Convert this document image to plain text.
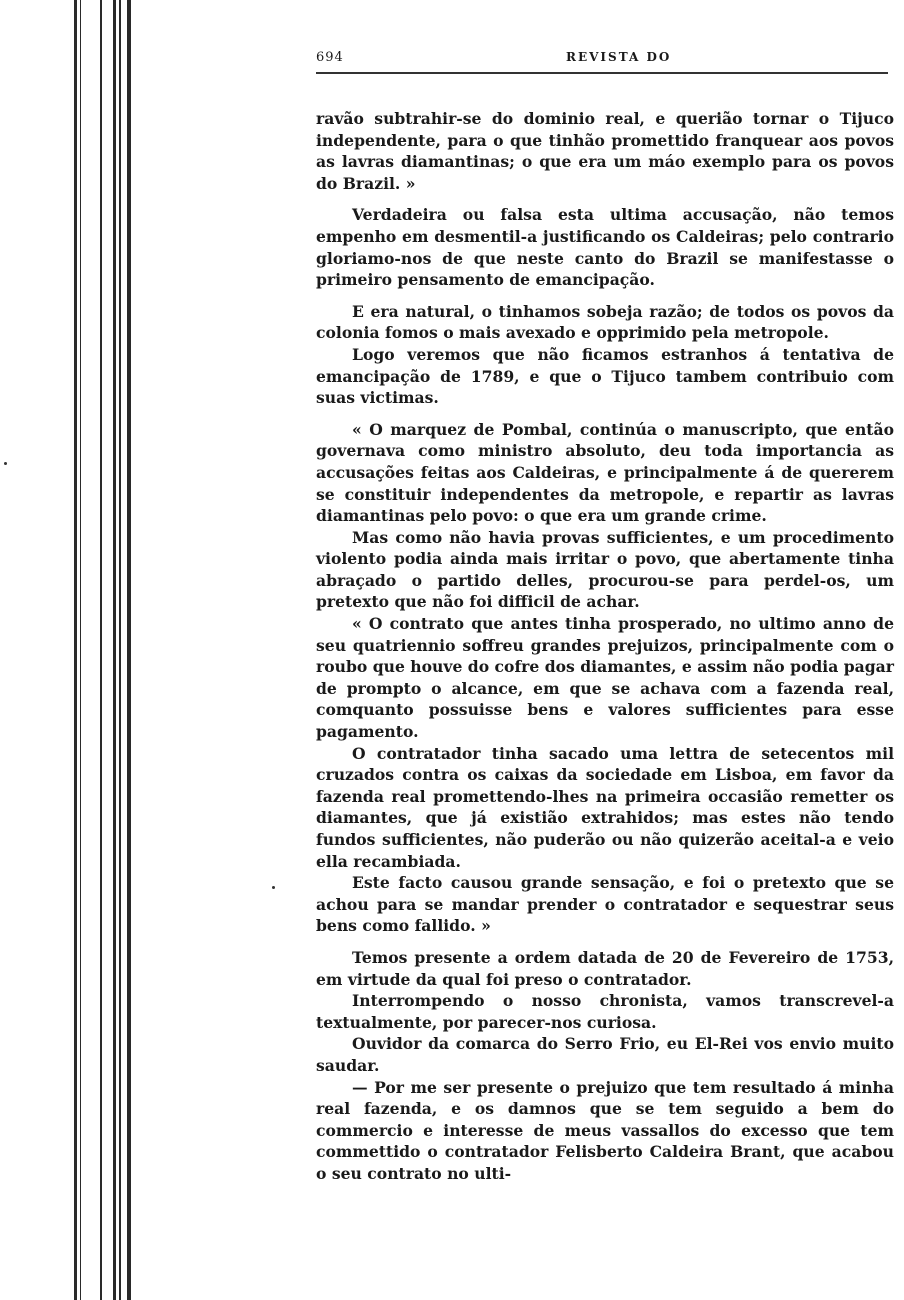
694	REVISTA DO

ravão subtrahir-se do dominio real, e querião tornar o Tijuco independente, para o que tinhão promettido franquear aos povos as lavras diamantinas; o que era um máo exemplo para os povos do Brazil. »

Verdadeira ou falsa esta ultima accusação, não temos empenho em desmentil-a justificando os Caldeiras; pelo contrario gloriamo-nos de que neste canto do Brazil se manifestasse o primeiro pensamento de emancipação.

E era natural, o tinhamos sobeja razão; de todos os povos da colonia fomos o mais avexado e opprimido pela metropole.

Logo veremos que não ficamos estranhos á tentativa de emancipação de 1789, e que o Tijuco tambem contribuio com suas victimas.

« O marquez de Pombal, continúa o manuscripto, que então governava como ministro absoluto, deu toda importancia as accusações feitas aos Caldeiras, e principalmente á de quererem se constituir independentes da metropole, e repartir as lavras diamantinas pelo povo: o que era um grande crime.

Mas como não havia provas sufficientes, e um procedimento violento podia ainda mais irritar o povo, que abertamente tinha abraçado o partido delles, procurou-se para perdel-os, um pretexto que não foi difficil de achar.

« O contrato que antes tinha prosperado, no ultimo anno de seu quatriennio soffreu grandes prejuizos, principalmente com o roubo que houve do cofre dos diamantes, e assim não podia pagar de prompto o alcance, em que se achava com a fazenda real, comquanto possuisse bens e valores sufficientes para esse pagamento.

O contratador tinha sacado uma lettra de setecentos mil cruzados contra os caixas da sociedade em Lisboa, em favor da fazenda real promettendo-lhes na primeira occasião remetter os diamantes, que já existião extrahidos; mas estes não tendo fundos sufficientes, não puderão ou não quizerão aceital-a e veio ella recambiada.

Este facto causou grande sensação, e foi o pretexto que se achou para se mandar prender o contratador e sequestrar seus bens como fallido. »

Temos presente a ordem datada de 20 de Fevereiro de 1753, em virtude da qual foi preso o contratador.

Interrompendo o nosso chronista, vamos transcrevel-a textualmente, por parecer-nos curiosa.

Ouvidor da comarca do Serro Frio, eu El-Rei vos envio muito saudar.

— Por me ser presente o prejuizo que tem resultado á minha real fazenda, e os damnos que se tem seguido a bem do commercio e interesse de meus vassallos do excesso que tem commettido o contratador Felisberto Caldeira Brant, que acabou o seu contrato no ulti-
